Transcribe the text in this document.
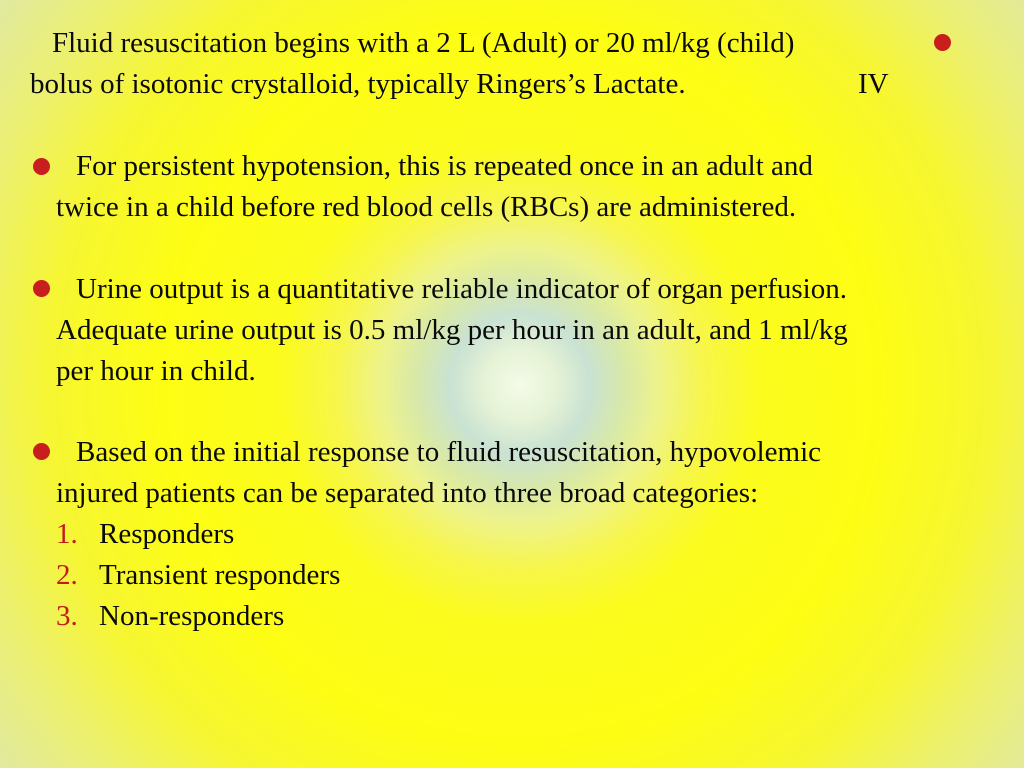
Fluid resuscitation begins with a 2 L (Adult) or 20 ml/kg (child)
bolus of isotonic crystalloid, typically Ringers’s Lactate.	IV
For persistent hypotension, this is repeated once in an adult and
twice in a child before red blood cells (RBCs) are administered.
Urine output is a quantitative reliable indicator of organ perfusion.
Adequate urine output is 0.5 ml/kg per hour in an adult, and 1 ml/kg
per hour in child.
Based on the initial response to fluid resuscitation, hypovolemic
injured patients can be separated into three broad categories:
1. Responders
2. Transient responders
3. Non-responders
